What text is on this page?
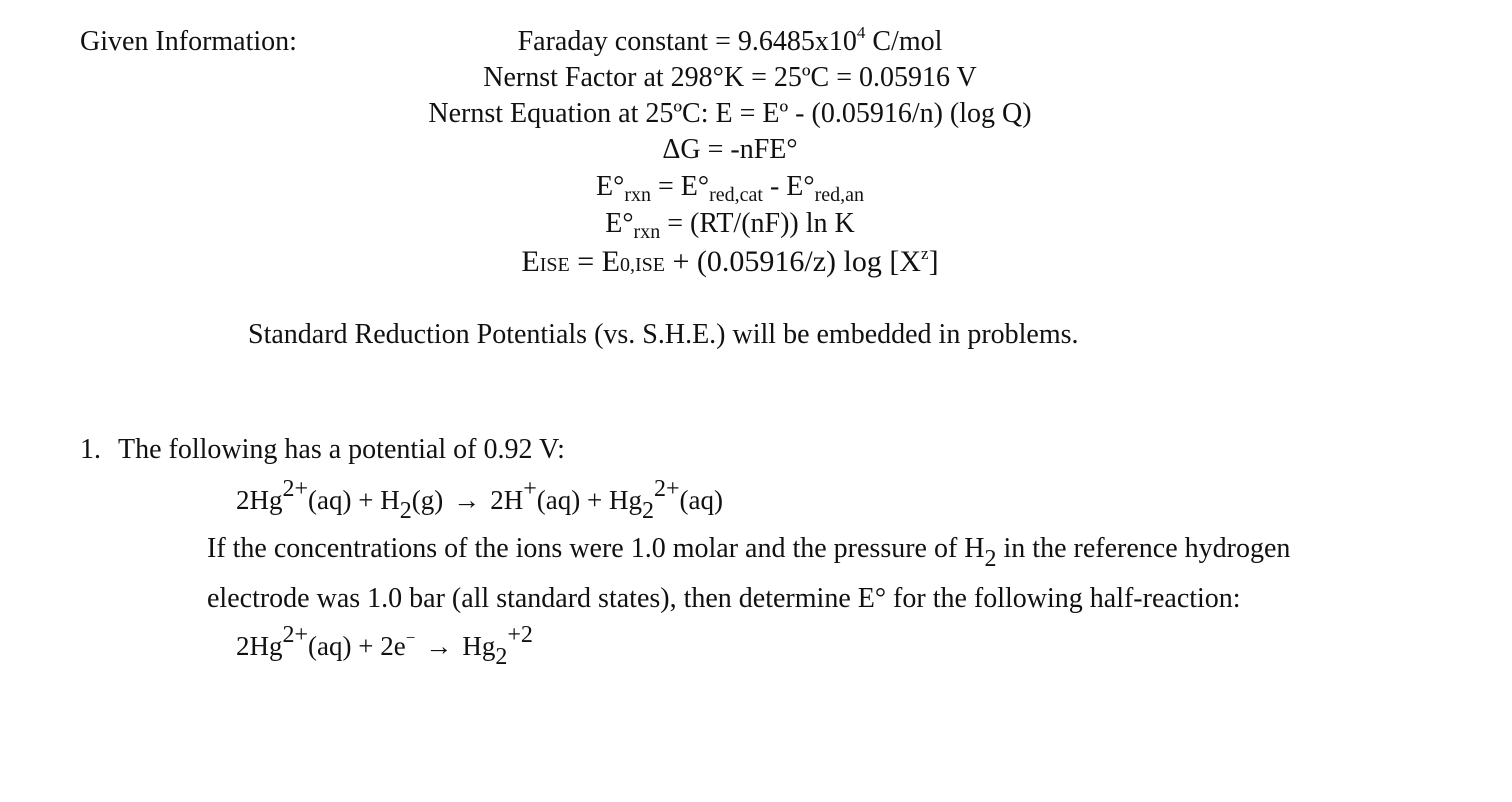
Given Information:	Faraday constant = $9.6485x10^4$ C/mol
Nernst Factor at 298°K = 25ºC = 0.05916 V
Nernst Equation at 25ºC: E = Eº - (0.05916/n) (log Q)
ΔG = -nFE°
$E^\circ_{rxn} = E^\circ_{red,cat} - E^\circ_{red,an}$
$E^\circ_{rxn} = (RT/(nF))$ ln K
EISE = E0,ISE + (0.05916/z) $\log [X^z]$
Standard Reduction Potentials (vs. S.H.E.) will be embedded in problems.
1. The following has a potential of 0.92 V:
$2Hg^{2+}(aq) + H_2(g) \to 2H^+(aq) + Hg_2^{2+}(aq)$
If the concentrations of the ions were 1.0 molar and the pressure of $H_2$ in the reference hydrogen
electrode was 1.0 bar (all standard states), then determine E° for the following half-reaction:
$2Hg^{2+}(aq) + 2e^- \to Hg_2^{+2}$
